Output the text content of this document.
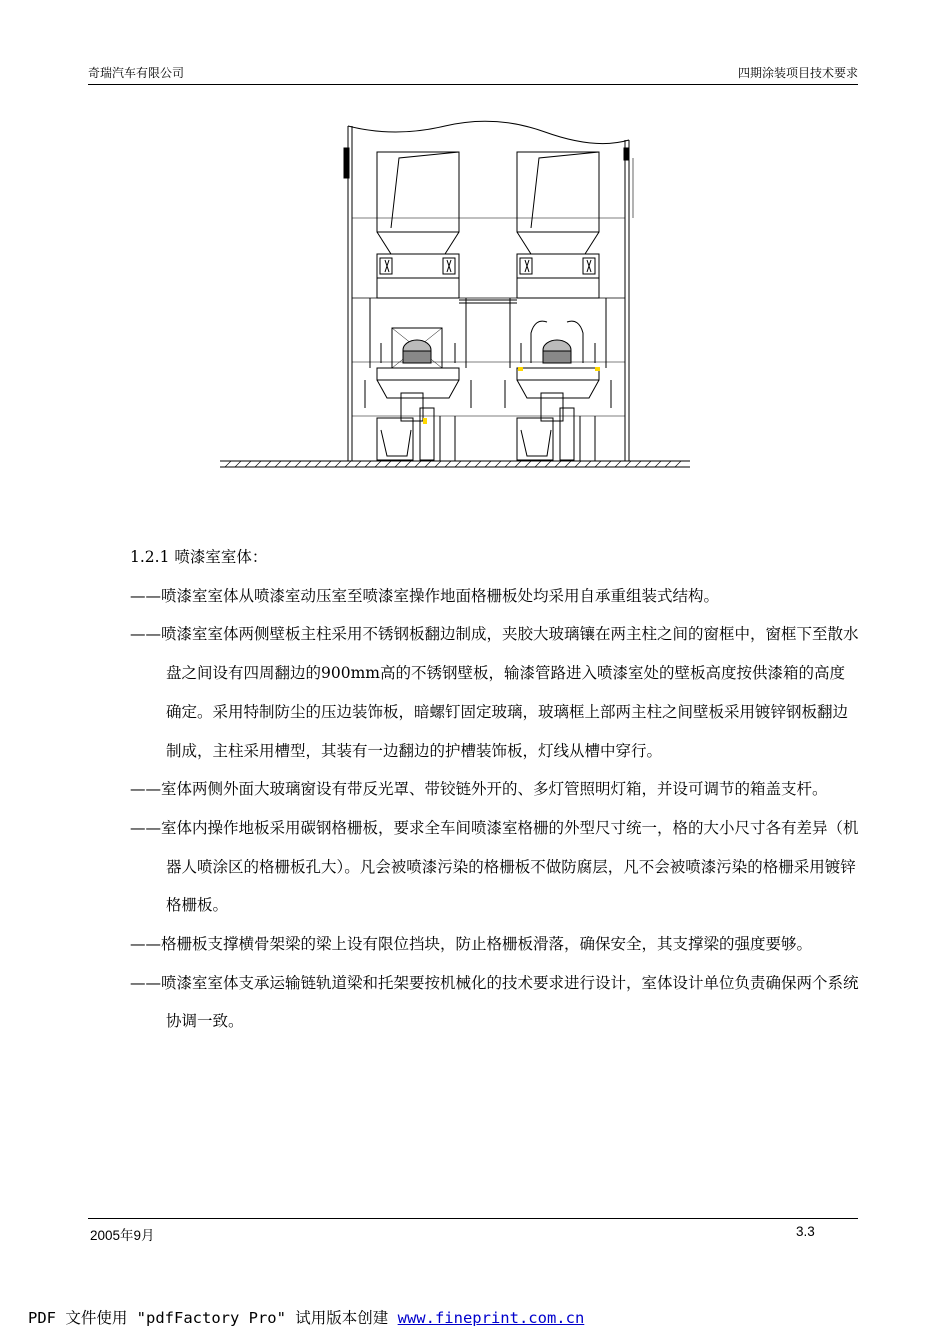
奇瑞汽车有限公司	四期涂装项目技术要求

1.2.1 喷漆室室体：

——喷漆室室体从喷漆室动压室至喷漆室操作地面格栅板处均采用自承重组装式结构。

——喷漆室室体两侧壁板主柱采用不锈钢板翻边制成，夹胶大玻璃镶在两主柱之间的窗框中，窗框下至散水盘之间设有四周翻边的900mm高的不锈钢壁板，输漆管路进入喷漆室处的壁板高度按供漆箱的高度确定。采用特制防尘的压边装饰板，暗螺钉固定玻璃，玻璃框上部两主柱之间壁板采用镀锌钢板翻边制成，主柱采用槽型，其装有一边翻边的护槽装饰板，灯线从槽中穿行。

——室体两侧外面大玻璃窗设有带反光罩、带铰链外开的、多灯管照明灯箱，并设可调节的箱盖支杆。

——室体内操作地板采用碳钢格栅板，要求全车间喷漆室格栅的外型尺寸统一，格的大小尺寸各有差异（机器人喷涂区的格栅板孔大）。凡会被喷漆污染的格栅板不做防腐层，凡不会被喷漆污染的格栅采用镀锌格栅板。

——格栅板支撑横骨架梁的梁上设有限位挡块，防止格栅板滑落，确保安全，其支撑梁的强度要够。

——喷漆室室体支承运输链轨道梁和托架要按机械化的技术要求进行设计，室体设计单位负责确保两个系统协调一致。

2005年9月	3.3
PDF 文件使用 "pdfFactory Pro" 试用版本创建 www.fineprint.com.cn
